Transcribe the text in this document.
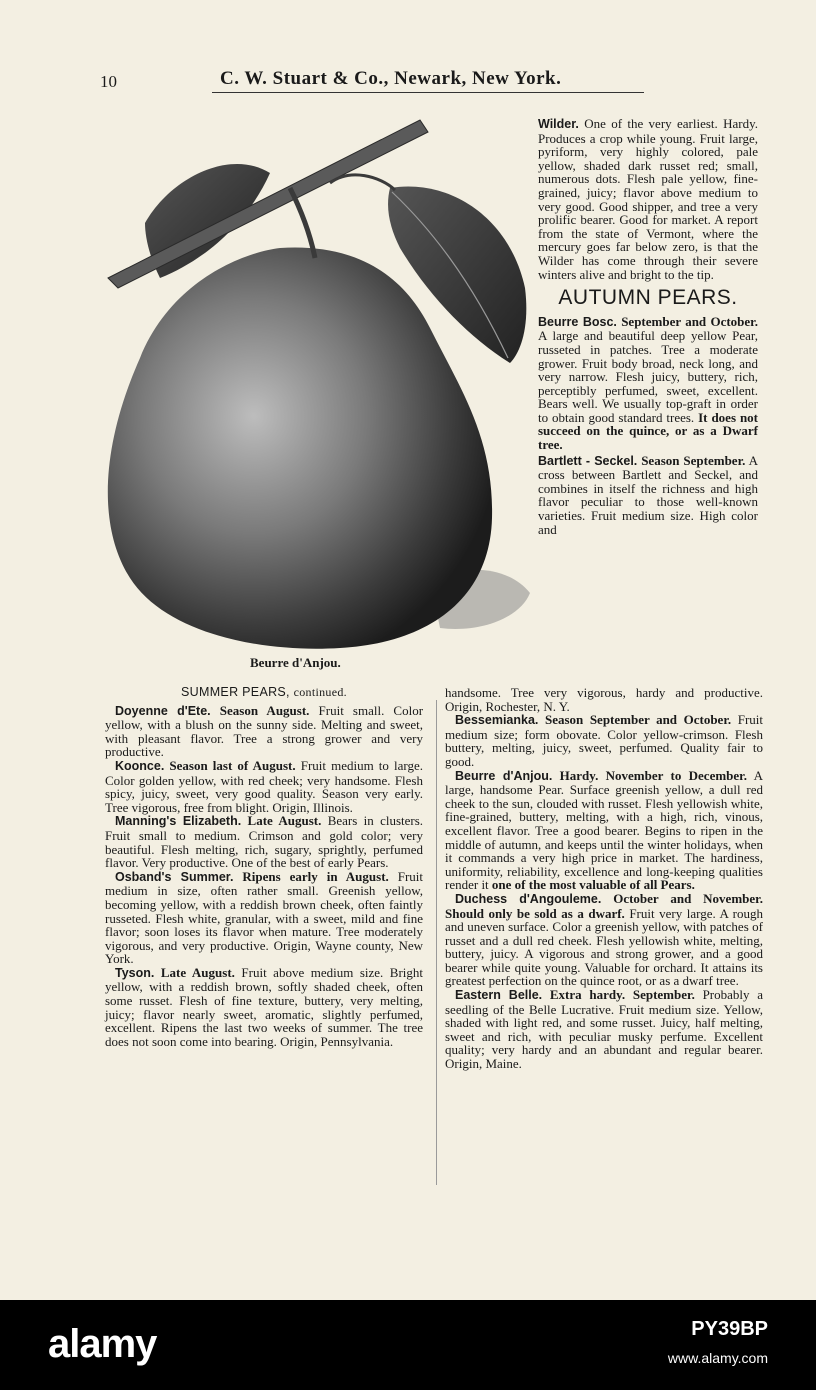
10	C. W. Stuart & Co., Newark, New York.
Beurre d'Anjou.

Wilder. One of the very earliest. Hardy. Produces a crop while young. Fruit large, pyriform, very highly colored, pale yellow, shaded dark russet red; small, numerous dots. Flesh pale yellow, fine-grained, juicy; flavor above medium to very good. Good shipper, and tree a very prolific bearer. Good for market. A report from the state of Vermont, where the mercury goes far below zero, is that the Wilder has come through their severe winters alive and bright to the tip.

AUTUMN PEARS.

Beurre Bosc. September and October. A large and beautiful deep yellow Pear, russeted in patches. Tree a moderate grower. Fruit body broad, neck long, and very narrow. Flesh juicy, buttery, rich, perceptibly perfumed, sweet, excellent. Bears well. We usually top-graft in order to obtain good standard trees. It does not succeed on the quince, or as a Dwarf tree.

Bartlett - Seckel. Season September. A cross between Bartlett and Seckel, and combines in itself the richness and high flavor peculiar to those well-known varieties. Fruit medium size. High color and

SUMMER PEARS, continued.

Doyenne d'Ete. Season August. Fruit small. Color yellow, with a blush on the sunny side. Melting and sweet, with pleasant flavor. Tree a strong grower and very productive.

Koonce. Season last of August. Fruit medium to large. Color golden yellow, with red cheek; very handsome. Flesh spicy, juicy, sweet, very good quality. Season very early. Tree vigorous, free from blight. Origin, Illinois.

Manning's Elizabeth. Late August. Bears in clusters. Fruit small to medium. Crimson and gold color; very beautiful. Flesh melting, rich, sugary, sprightly, perfumed flavor. Very productive. One of the best of early Pears.

Osband's Summer. Ripens early in August. Fruit medium in size, often rather small. Greenish yellow, becoming yellow, with a reddish brown cheek, often faintly russeted. Flesh white, granular, with a sweet, mild and fine flavor; soon loses its flavor when mature. Tree moderately vigorous, and very productive. Origin, Wayne county, New York.

Tyson. Late August. Fruit above medium size. Bright yellow, with a reddish brown, softly shaded cheek, often some russet. Flesh of fine texture, buttery, very melting, juicy; flavor nearly sweet, aromatic, slightly perfumed, excellent. Ripens the last two weeks of summer. The tree does not soon come into bearing. Origin, Pennsylvania.

handsome. Tree very vigorous, hardy and productive. Origin, Rochester, N. Y.

Bessemianka. Season September and October. Fruit medium size; form obovate. Color yellow-crimson. Flesh buttery, melting, juicy, sweet, perfumed. Quality fair to good.

Beurre d'Anjou. Hardy. November to December. A large, handsome Pear. Surface greenish yellow, a dull red cheek to the sun, clouded with russet. Flesh yellowish white, fine-grained, buttery, melting, with a high, rich, vinous, excellent flavor. Tree a good bearer. Begins to ripen in the middle of autumn, and keeps until the winter holidays, when it commands a very high price in market. The hardiness, uniformity, reliability, excellence and long-keeping qualities render it one of the most valuable of all Pears.

Duchess d'Angouleme. October and November. Should only be sold as a dwarf. Fruit very large. A rough and uneven surface. Color a greenish yellow, with patches of russet and a dull red cheek. Flesh yellowish white, melting, buttery, juicy. A vigorous and strong grower, and a good bearer while quite young. Valuable for orchard. It attains its greatest perfection on the quince root, or as a dwarf tree.

Eastern Belle. Extra hardy. September. Probably a seedling of the Belle Lucrative. Fruit medium size. Yellow, shaded with light red, and some russet. Juicy, half melting, sweet and rich, with peculiar musky perfume. Excellent quality; very hardy and an abundant and regular bearer. Origin, Maine.

alamy	PY39BP
www.alamy.com
